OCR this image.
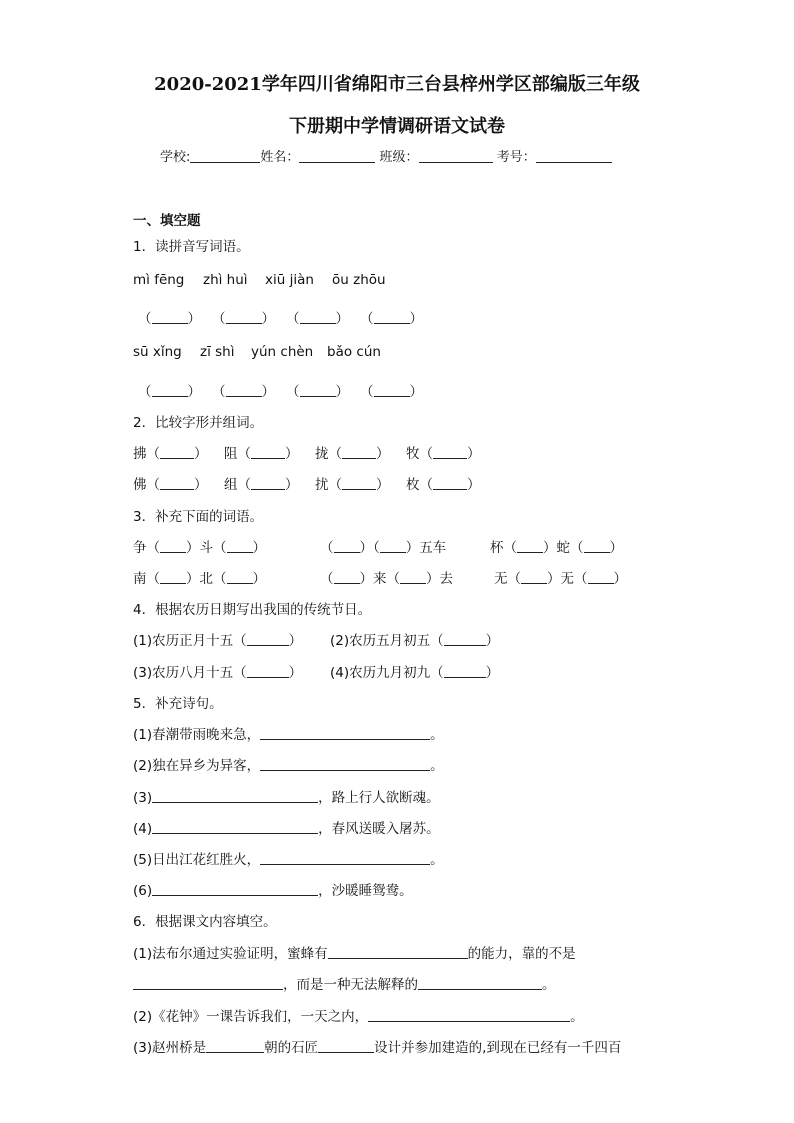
2020-2021学年四川省绵阳市三台县梓州学区部编版三年级
下册期中学情调研语文试卷
学校:	姓名：	班级：	考号：
一、填空题
1．读拼音写词语。
mì fēng zhì huì xiū jiàn ōu zhōu
（	） （	） （	） （	）
sū xǐng zī shì yún chèn bǎo cún
（	） （	） （	） （	）
2．比较字形并组词。
拂（	） 阻（	） 拢（	） 牧（	）
佛（	） 组（	） 扰（	） 枚（	）
3．补充下面的词语。
争（ ）斗（ ）	（ ）（ ）五车	杯（ ）蛇（ ）
南（ ）北（ ）	（ ）来（ ）去	无（ ）无（ ）
4．根据农历日期写出我国的传统节日。
(1)农历正月十五（	） (2)农历五月初五（	）
(3)农历八月十五（	） (4)农历九月初九（	）
5．补充诗句。
(1)春潮带雨晚来急，	。
(2)独在异乡为异客，	。
(3)	，路上行人欲断魂。
(4)	，春风送暖入屠苏。
(5)日出江花红胜火，	。
(6)	，沙暖睡鸳鸯。
6．根据课文内容填空。
(1)法布尔通过实验证明，蜜蜂有	的能力，靠的不是
，而是一种无法解释的	。
(2)《花钟》一课告诉我们，一天之内，	。
(3)赵州桥是	朝的石匠	设计并参加建造的,到现在已经有一千四百
